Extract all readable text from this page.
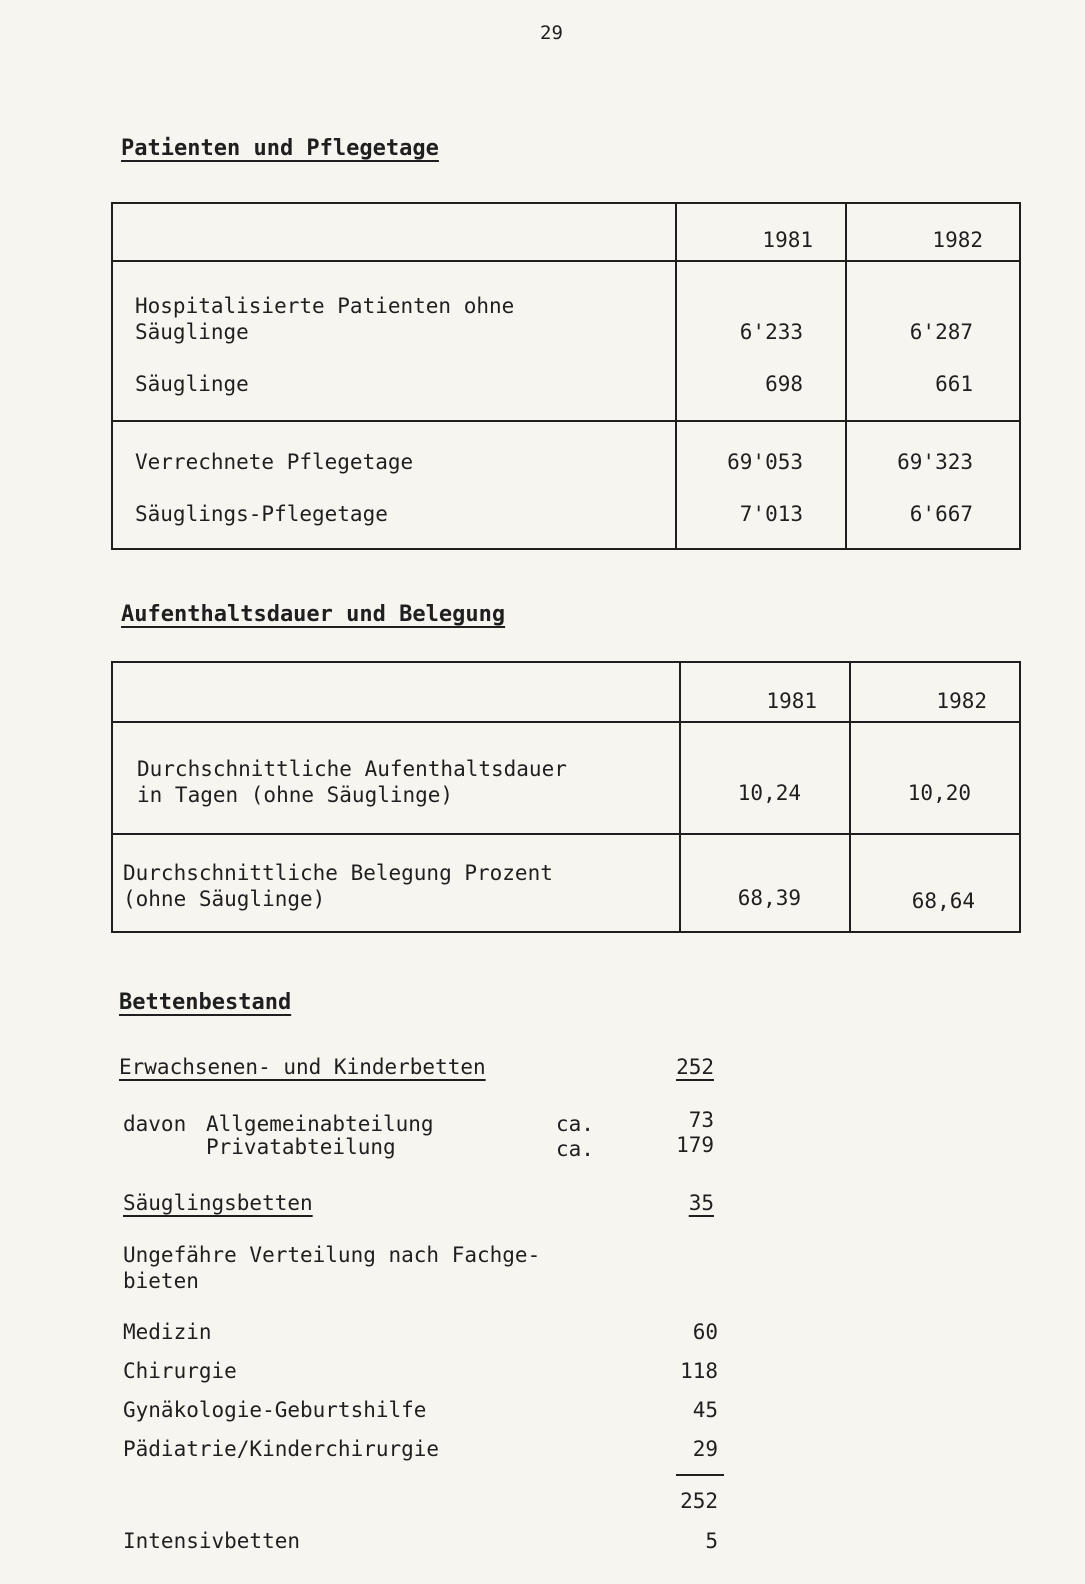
29
Patienten und Pflegetage
1981	1982
Hospitalisierte Patienten ohne
Säuglinge	6'233	6'287
Säuglinge	698	661
Verrechnete Pflegetage	69'053	69'323
Säuglings-Pflegetage	7'013	6'667
Aufenthaltsdauer und Belegung
1981	1982
Durchschnittliche Aufenthaltsdauer
in Tagen (ohne Säuglinge)	10,24	10,20
Durchschnittliche Belegung Prozent
(ohne Säuglinge)	68,39	68,64
Bettenbestand
Erwachsenen- und Kinderbetten	252
davon Allgemeinabteilung	ca.	73
Privatabteilung	ca.	179
Säuglingsbetten	35
Ungefähre Verteilung nach Fachge-
bieten
Medizin	60
Chirurgie	118
Gynäkologie-Geburtshilfe	45
Pädiatrie/Kinderchirurgie	29
252
Intensivbetten	5
